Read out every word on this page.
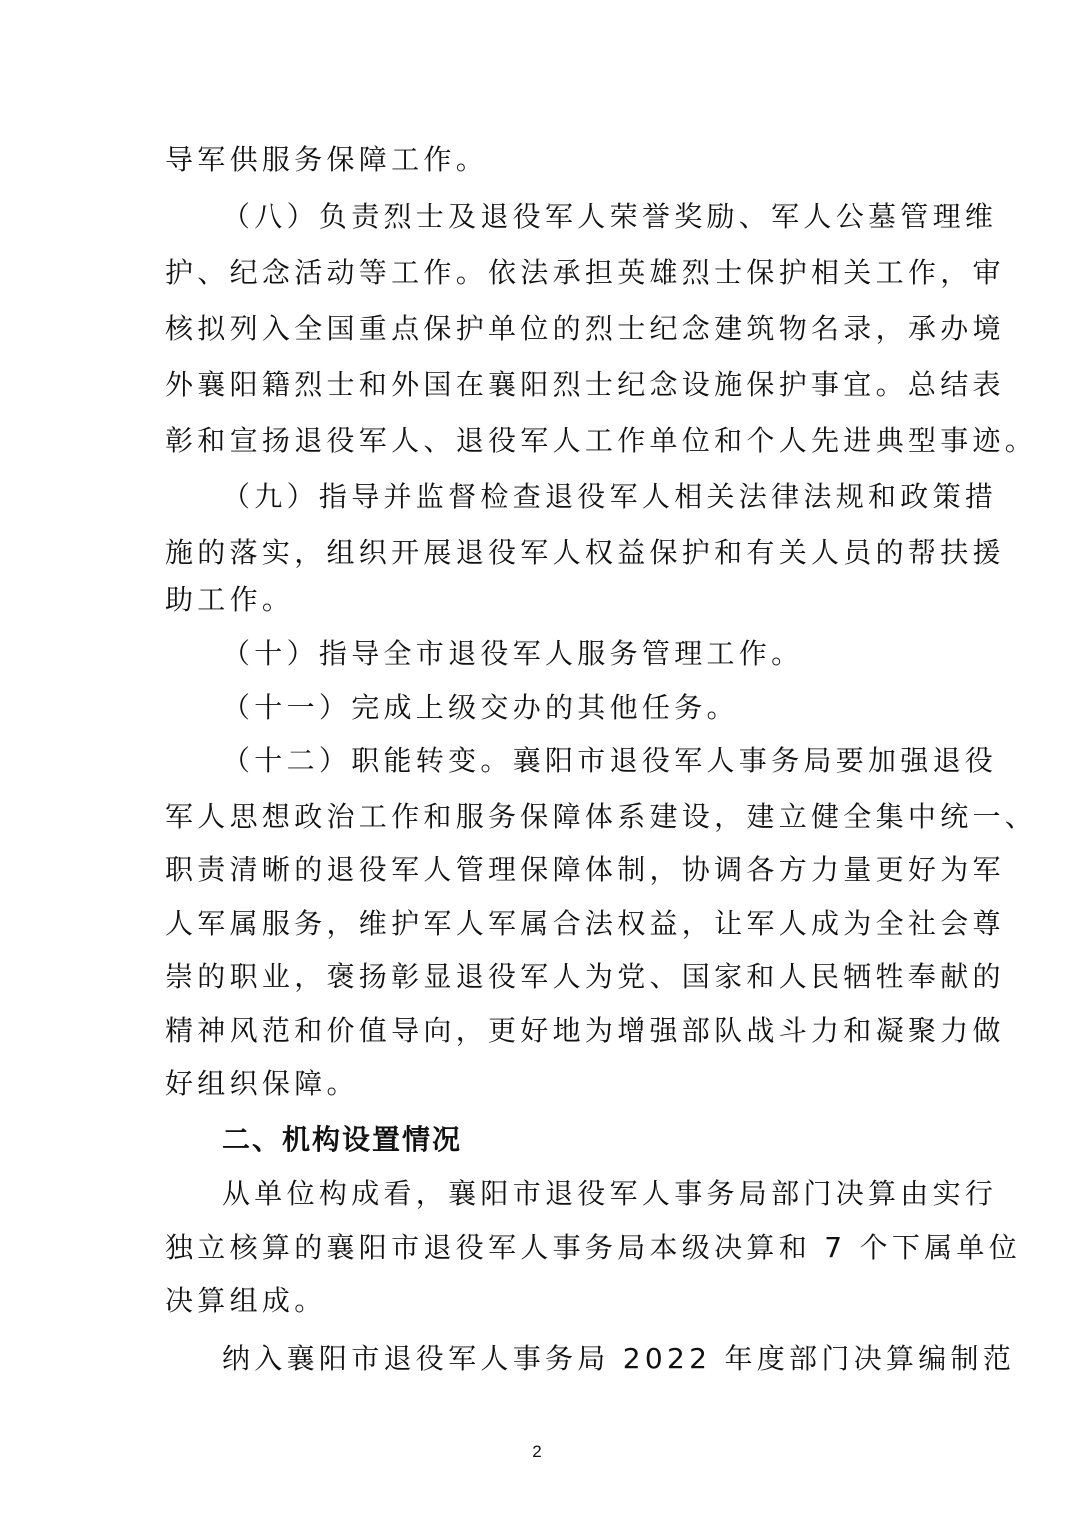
导军供服务保障工作。
（八）负责烈士及退役军人荣誉奖励、军人公墓管理维
护、纪念活动等工作。依法承担英雄烈士保护相关工作，审
核拟列入全国重点保护单位的烈士纪念建筑物名录，承办境
外襄阳籍烈士和外国在襄阳烈士纪念设施保护事宜。总结表
彰和宣扬退役军人、退役军人工作单位和个人先进典型事迹。
（九）指导并监督检查退役军人相关法律法规和政策措
施的落实，组织开展退役军人权益保护和有关人员的帮扶援
助工作。
（十）指导全市退役军人服务管理工作。
（十一）完成上级交办的其他任务。
（十二）职能转变。襄阳市退役军人事务局要加强退役
军人思想政治工作和服务保障体系建设，建立健全集中统一、
职责清晰的退役军人管理保障体制，协调各方力量更好为军
人军属服务，维护军人军属合法权益，让军人成为全社会尊
崇的职业，褒扬彰显退役军人为党、国家和人民牺牲奉献的
精神风范和价值导向，更好地为增强部队战斗力和凝聚力做
好组织保障。
二、机构设置情况
从单位构成看，襄阳市退役军人事务局部门决算由实行
独立核算的襄阳市退役军人事务局本级决算和 7 个下属单位
决算组成。
纳入襄阳市退役军人事务局 2022 年度部门决算编制范
2
